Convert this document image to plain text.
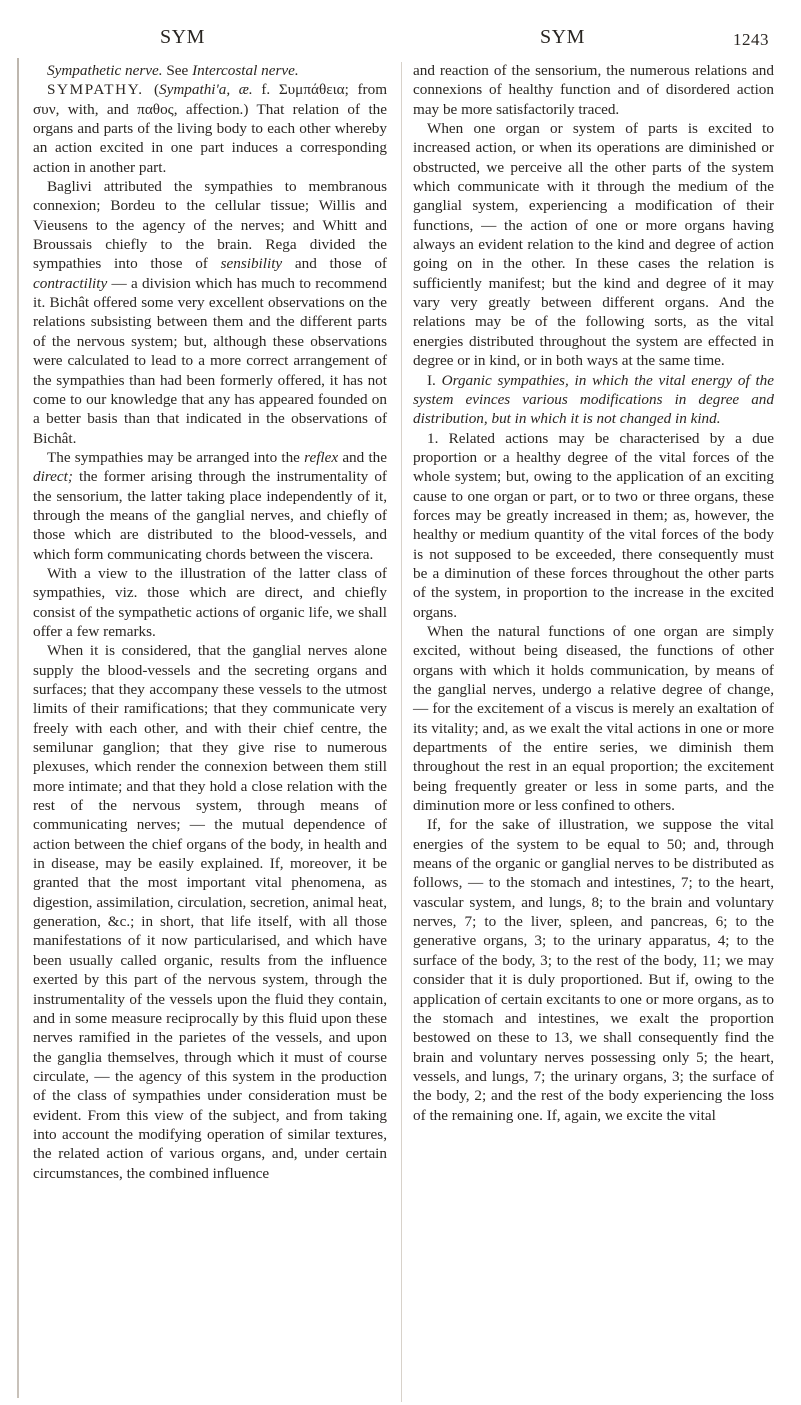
SYM	SYM	1243

Sympathetic nerve. See Intercostal nerve.

SYMPATHY. (Sympathi'a, æ. f. Συμπάθεια; from συν, with, and παθος, affection.) That relation of the organs and parts of the living body to each other whereby an action excited in one part induces a corresponding action in another part.

Baglivi attributed the sympathies to membranous connexion; Bordeu to the cellular tissue; Willis and Vieusens to the agency of the nerves; and Whitt and Broussais chiefly to the brain. Rega divided the sympathies into those of sensibility and those of contractility — a division which has much to recommend it. Bichât offered some very excellent observations on the relations subsisting between them and the different parts of the nervous system; but, although these observations were calculated to lead to a more correct arrangement of the sympathies than had been formerly offered, it has not come to our knowledge that any has appeared founded on a better basis than that indicated in the observations of Bichât.

The sympathies may be arranged into the reflex and the direct; the former arising through the instrumentality of the sensorium, the latter taking place independently of it, through the means of the ganglial nerves, and chiefly of those which are distributed to the blood-vessels, and which form communicating chords between the viscera.

With a view to the illustration of the latter class of sympathies, viz. those which are direct, and chiefly consist of the sympathetic actions of organic life, we shall offer a few remarks.

When it is considered, that the ganglial nerves alone supply the blood-vessels and the secreting organs and surfaces; that they accompany these vessels to the utmost limits of their ramifications; that they communicate very freely with each other, and with their chief centre, the semilunar ganglion; that they give rise to numerous plexuses, which render the connexion between them still more intimate; and that they hold a close relation with the rest of the nervous system, through means of communicating nerves; — the mutual dependence of action between the chief organs of the body, in health and in disease, may be easily explained. If, moreover, it be granted that the most important vital phenomena, as digestion, assimilation, circulation, secretion, animal heat, generation, &c.; in short, that life itself, with all those manifestations of it now particularised, and which have been usually called organic, results from the influence exerted by this part of the nervous system, through the instrumentality of the vessels upon the fluid they contain, and in some measure reciprocally by this fluid upon these nerves ramified in the parietes of the vessels, and upon the ganglia themselves, through which it must of course circulate, — the agency of this system in the production of the class of sympathies under consideration must be evident. From this view of the subject, and from taking into account the modifying operation of similar textures, the related action of various organs, and, under certain circumstances, the combined influence

and reaction of the sensorium, the numerous relations and connexions of healthy function and of disordered action may be more satisfactorily traced.

When one organ or system of parts is excited to increased action, or when its operations are diminished or obstructed, we perceive all the other parts of the system which communicate with it through the medium of the ganglial system, experiencing a modification of their functions, — the action of one or more organs having always an evident relation to the kind and degree of action going on in the other. In these cases the relation is sufficiently manifest; but the kind and degree of it may vary very greatly between different organs. And the relations may be of the following sorts, as the vital energies distributed throughout the system are effected in degree or in kind, or in both ways at the same time.

I. Organic sympathies, in which the vital energy of the system evinces various modifications in degree and distribution, but in which it is not changed in kind.

1. Related actions may be characterised by a due proportion or a healthy degree of the vital forces of the whole system; but, owing to the application of an exciting cause to one organ or part, or to two or three organs, these forces may be greatly increased in them; as, however, the healthy or medium quantity of the vital forces of the body is not supposed to be exceeded, there consequently must be a diminution of these forces throughout the other parts of the system, in proportion to the increase in the excited organs.

When the natural functions of one organ are simply excited, without being diseased, the functions of other organs with which it holds communication, by means of the ganglial nerves, undergo a relative degree of change, — for the excitement of a viscus is merely an exaltation of its vitality; and, as we exalt the vital actions in one or more departments of the entire series, we diminish them throughout the rest in an equal proportion; the excitement being frequently greater or less in some parts, and the diminution more or less confined to others.

If, for the sake of illustration, we suppose the vital energies of the system to be equal to 50; and, through means of the organic or ganglial nerves to be distributed as follows, — to the stomach and intestines, 7; to the heart, vascular system, and lungs, 8; to the brain and voluntary nerves, 7; to the liver, spleen, and pancreas, 6; to the generative organs, 3; to the urinary apparatus, 4; to the surface of the body, 3; to the rest of the body, 11; we may consider that it is duly proportioned. But if, owing to the application of certain excitants to one or more organs, as to the stomach and intestines, we exalt the proportion bestowed on these to 13, we shall consequently find the brain and voluntary nerves possessing only 5; the heart, vessels, and lungs, 7; the urinary organs, 3; the surface of the body, 2; and the rest of the body experiencing the loss of the remaining one. If, again, we excite the vital
